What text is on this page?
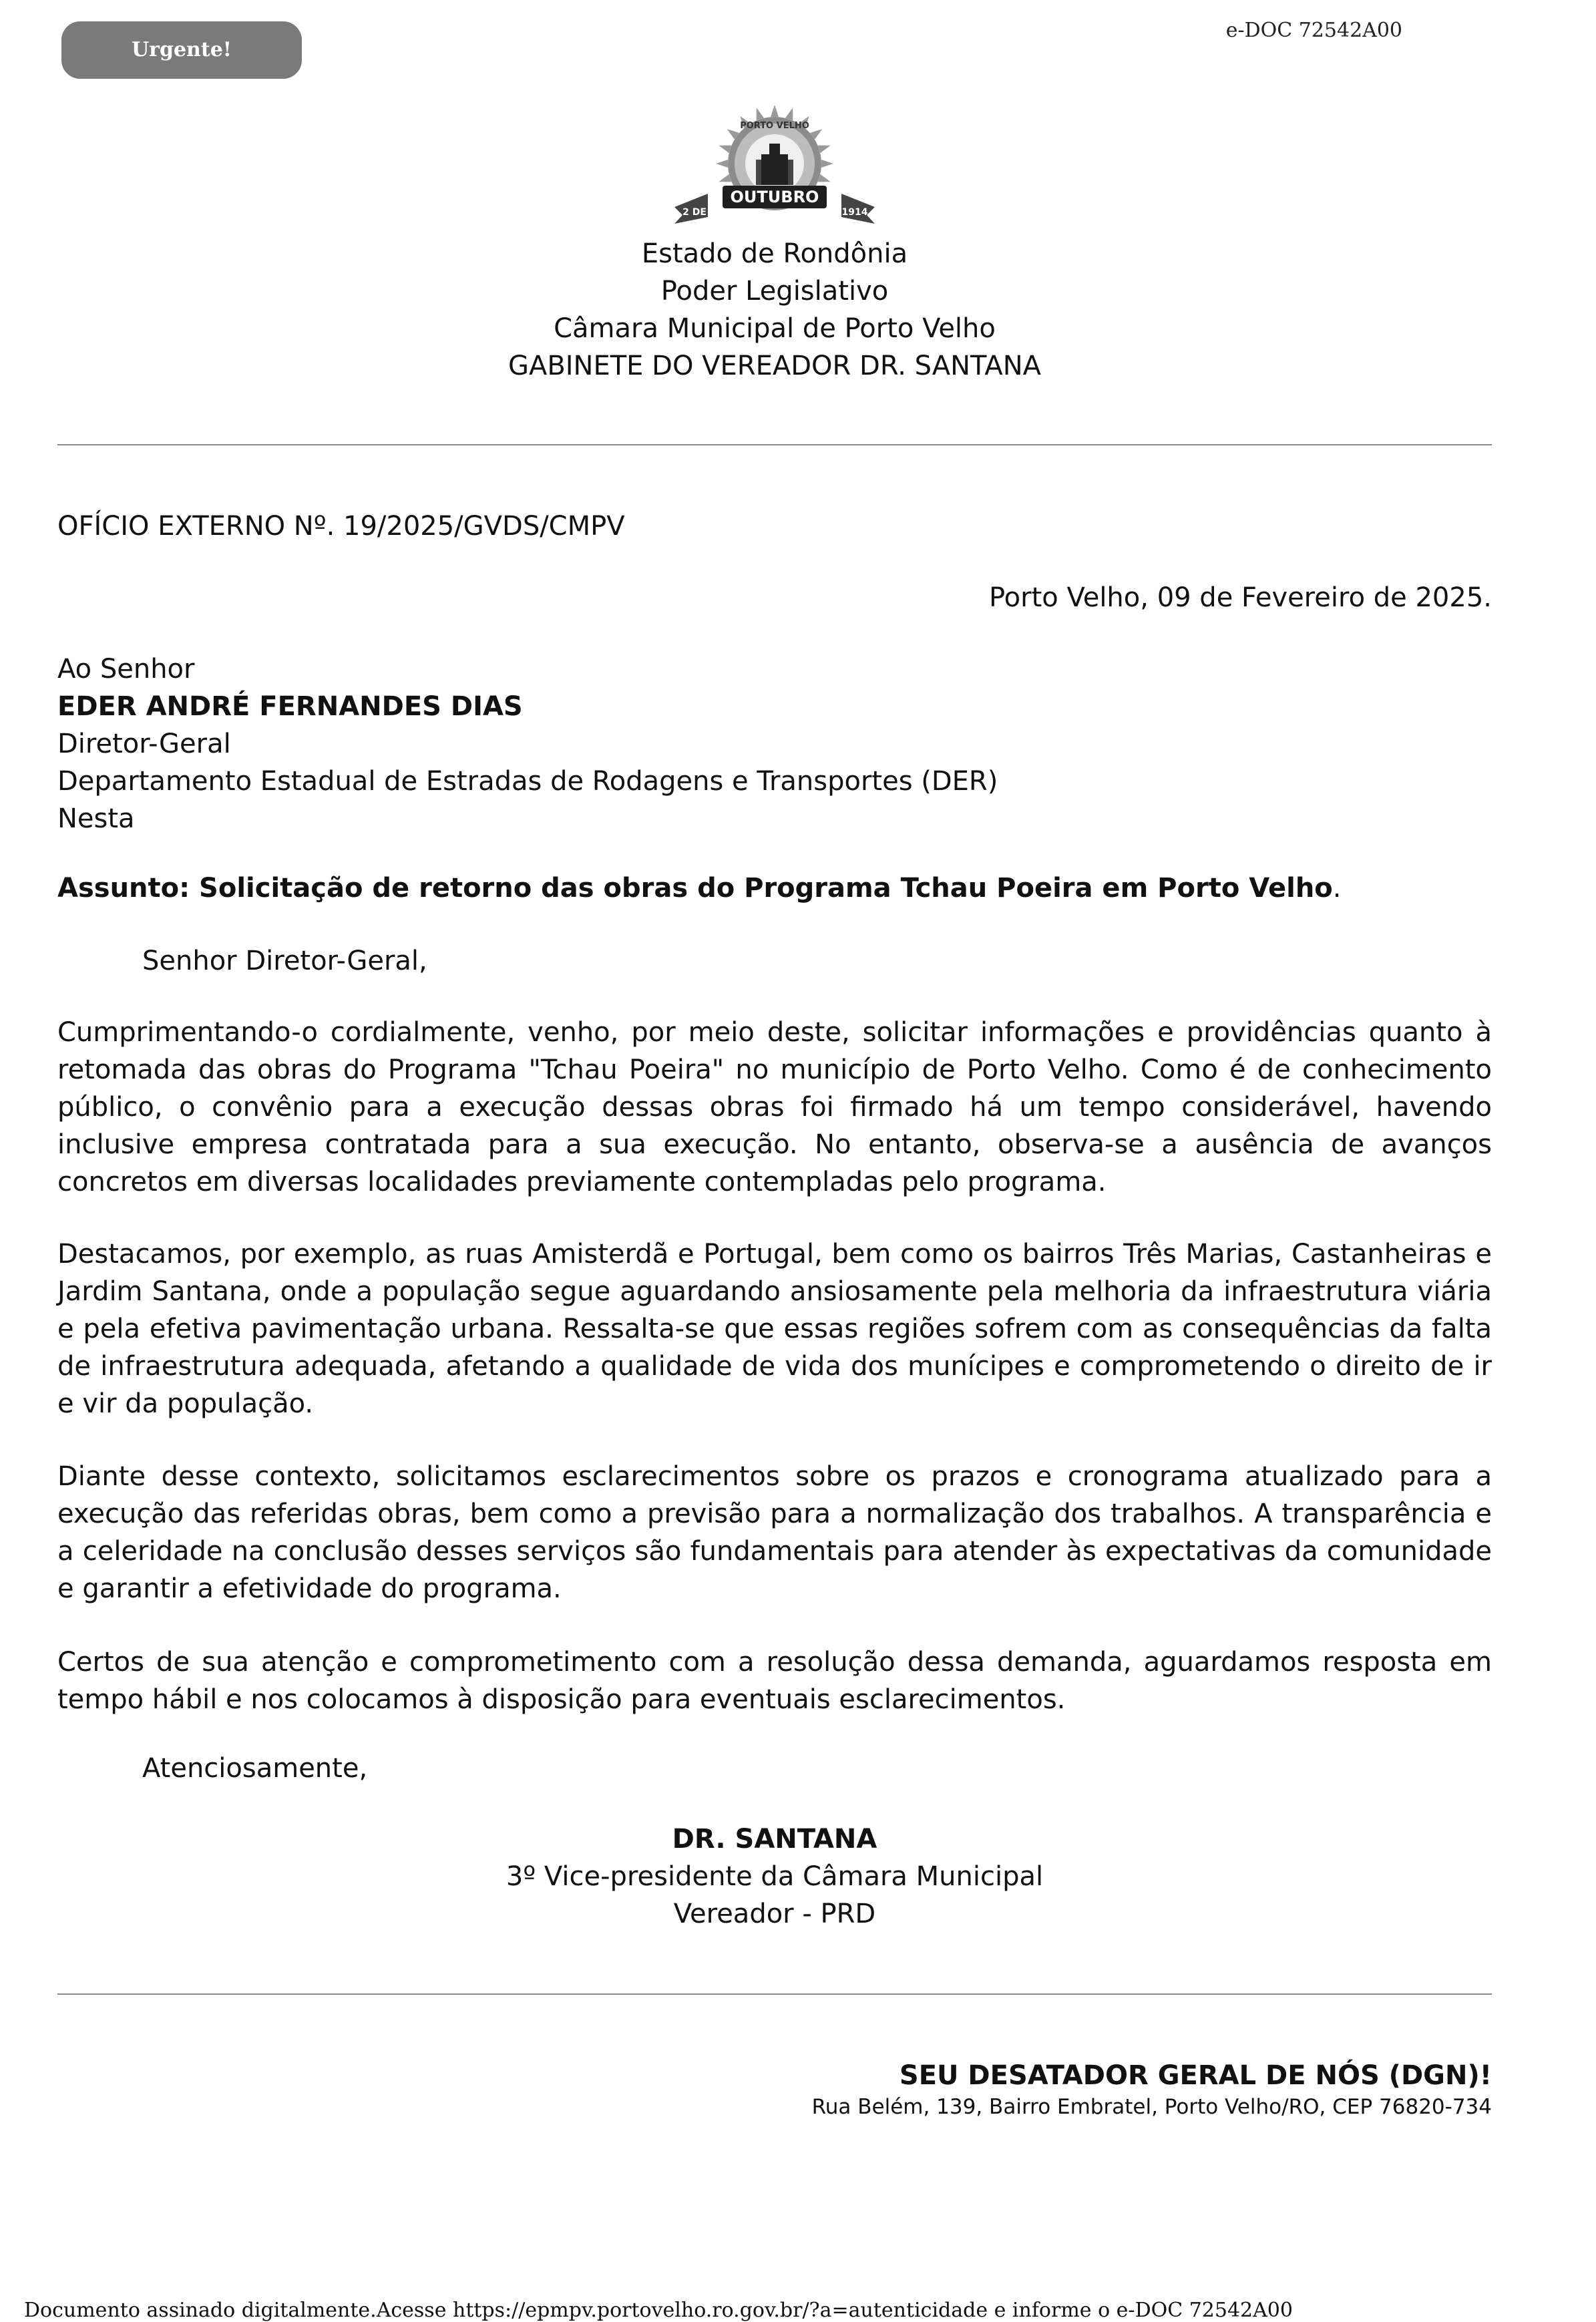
Urgente!
e-DOC 72542A00
PORTO VELHO
OUTUBRO
2 DE	1914
Estado de Rondônia
Poder Legislativo
Câmara Municipal de Porto Velho
GABINETE DO VEREADOR DR. SANTANA
OFÍCIO EXTERNO Nº. 19/2025/GVDS/CMPV
Porto Velho, 09 de Fevereiro de 2025.
Ao Senhor
EDER ANDRÉ FERNANDES DIAS
Diretor-Geral
Departamento Estadual de Estradas de Rodagens e Transportes (DER)
Nesta
Assunto: Solicitação de retorno das obras do Programa Tchau Poeira em Porto Velho.
Senhor Diretor-Geral,

Cumprimentando-o cordialmente, venho, por meio deste, solicitar informações e providências quanto à retomada das obras do Programa "Tchau Poeira" no município de Porto Velho. Como é de conhecimento público, o convênio para a execução dessas obras foi firmado há um tempo considerável, havendo inclusive empresa contratada para a sua execução. No entanto, observa-se a ausência de avanços concretos em diversas localidades previamente contempladas pelo programa.

Destacamos, por exemplo, as ruas Amisterdã e Portugal, bem como os bairros Três Marias, Castanheiras e Jardim Santana, onde a população segue aguardando ansiosamente pela melhoria da infraestrutura viária e pela efetiva pavimentação urbana. Ressalta-se que essas regiões sofrem com as consequências da falta de infraestrutura adequada, afetando a qualidade de vida dos munícipes e comprometendo o direito de ir e vir da população.

Diante desse contexto, solicitamos esclarecimentos sobre os prazos e cronograma atualizado para a execução das referidas obras, bem como a previsão para a normalização dos trabalhos. A transparência e a celeridade na conclusão desses serviços são fundamentais para atender às expectativas da comunidade e garantir a efetividade do programa.

Certos de sua atenção e comprometimento com a resolução dessa demanda, aguardamos resposta em tempo hábil e nos colocamos à disposição para eventuais esclarecimentos.

Atenciosamente,
DR. SANTANA
3º Vice-presidente da Câmara Municipal
Vereador - PRD
SEU DESATADOR GERAL DE NÓS (DGN)!
Rua Belém, 139, Bairro Embratel, Porto Velho/RO, CEP 76820-734
Documento assinado digitalmente.Acesse https://epmpv.portovelho.ro.gov.br/?a=autenticidade e informe o e-DOC 72542A00
